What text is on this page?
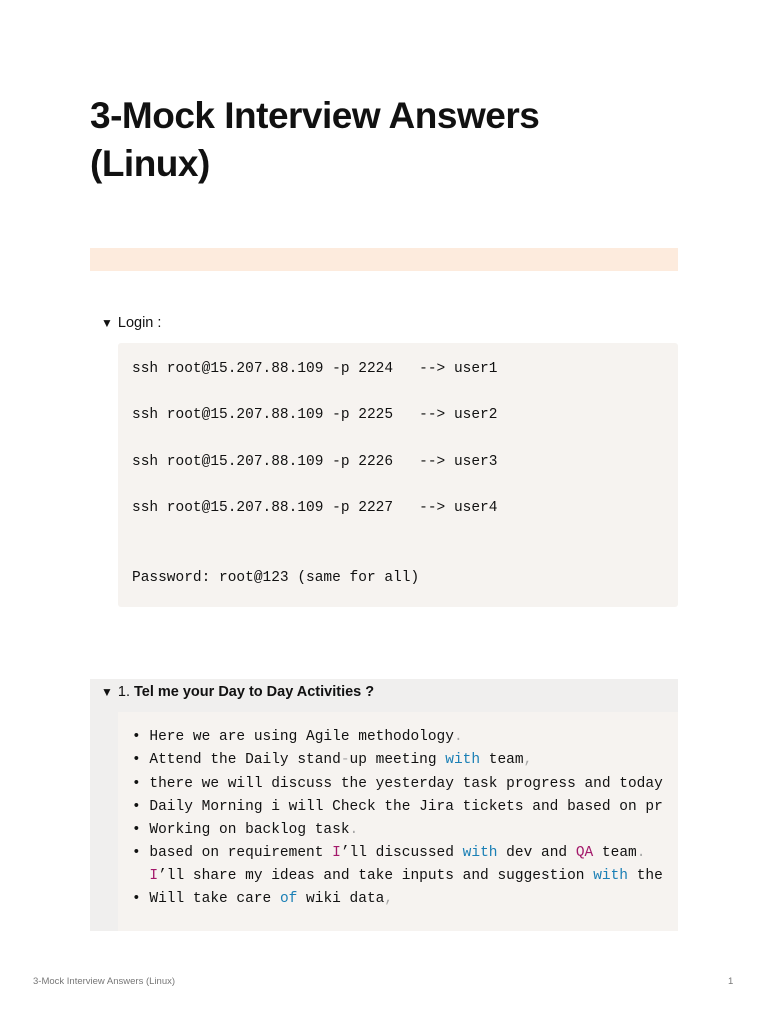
3-Mock Interview Answers (Linux)
▼ Login :
ssh root@15.207.88.109 -p 2224   --> user1
ssh root@15.207.88.109 -p 2225   --> user2
ssh root@15.207.88.109 -p 2226   --> user3
ssh root@15.207.88.109 -p 2227   --> user4
Password: root@123 (same for all)
▼ 1. Tel me your Day to Day Activities ?
• Here we are using Agile methodology.
• Attend the Daily stand-up meeting with team,
• there we will discuss the yesterday task progress and today
• Daily Morning i will Check the Jira tickets and based on pr
• Working on backlog task.
• based on requirement I’ll discussed with dev and QA team.
I’ll share my ideas and take inputs and suggestion with the
• Will take care of wiki data,
3-Mock Interview Answers (Linux)	1
